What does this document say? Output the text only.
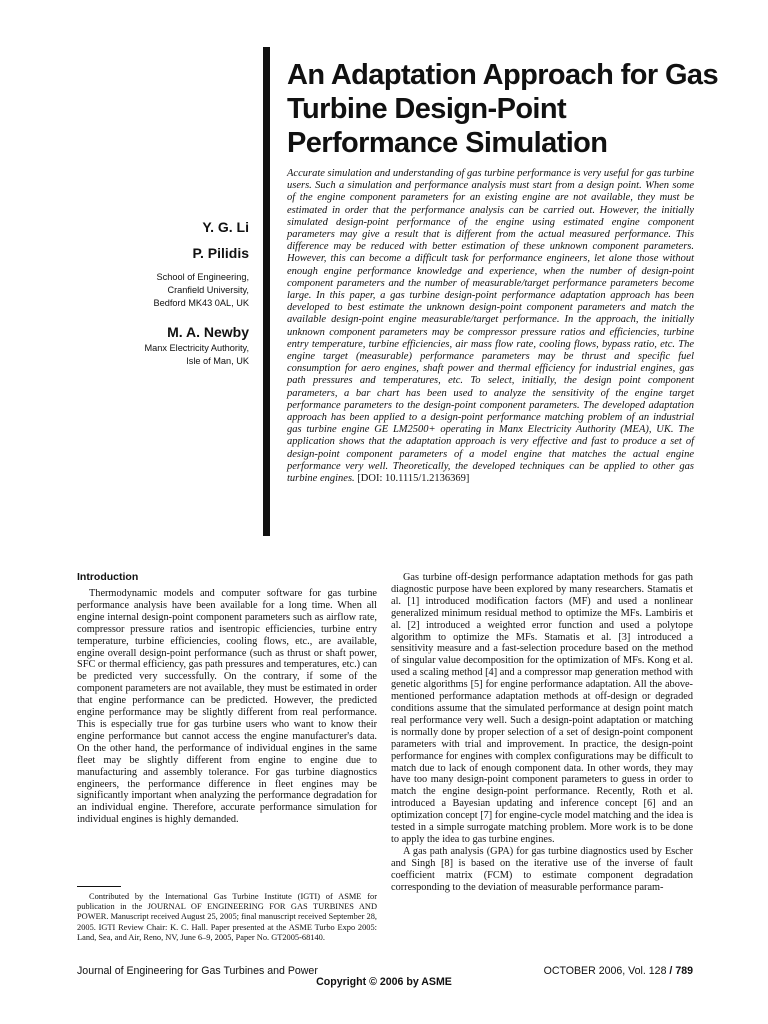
An Adaptation Approach for Gas
Turbine Design-Point
Performance Simulation

Y. G. Li

P. Pilidis

School of Engineering,
Cranfield University,
Bedford MK43 0AL, UK

M. A. Newby

Manx Electricity Authority,
Isle of Man, UK

Accurate simulation and understanding of gas turbine performance is very useful for gas turbine users. Such a simulation and performance analysis must start from a design point. When some of the engine component parameters for an existing engine are not available, they must be estimated in order that the performance analysis can be carried out. However, the initially simulated design-point performance of the engine using estimated engine component parameters may give a result that is different from the actual measured performance. This difference may be reduced with better estimation of these unknown component parameters. However, this can become a difficult task for performance engineers, let alone those without enough engine performance knowledge and experience, when the number of design-point component parameters and the number of measurable/target performance parameters become large. In this paper, a gas turbine design-point performance adaptation approach has been developed to best estimate the unknown design-point component parameters and match the available design-point engine measurable/target performance. In the approach, the initially unknown component parameters may be compressor pressure ratios and efficiencies, turbine entry temperature, turbine efficiencies, air mass flow rate, cooling flows, bypass ratio, etc. The engine target (measurable) performance parameters may be thrust and specific fuel consumption for aero engines, shaft power and thermal efficiency for industrial engines, gas path pressures and temperatures, etc. To select, initially, the design point component parameters, a bar chart has been used to analyze the sensitivity of the engine target performance parameters to the design-point component parameters. The developed adaptation approach has been applied to a design-point performance matching problem of an industrial gas turbine engine GE LM2500+ operating in Manx Electricity Authority (MEA), UK. The application shows that the adaptation approach is very effective and fast to produce a set of design-point component parameters of a model engine that matches the actual engine performance very well. Theoretically, the developed techniques can be applied to other gas turbine engines. [DOI: 10.1115/1.2136369]
Introduction

Thermodynamic models and computer software for gas turbine performance analysis have been available for a long time. When all engine internal design-point component parameters such as airflow rate, compressor pressure ratios and isentropic efficiencies, turbine entry temperature, turbine efficiencies, cooling flows, etc., are available, engine overall design-point performance (such as thrust or shaft power, SFC or thermal efficiency, gas path pressures and temperatures, etc.) can be predicted very successfully. On the contrary, if some of the component parameters are not available, they must be estimated in order that engine performance can be predicted. However, the predicted engine performance may be slightly different from real performance. This is especially true for gas turbine users who want to know their engine performance but cannot access the engine manufacturer's data. On the other hand, the performance of individual engines in the same fleet may be slightly different from engine to engine due to manufacturing and assembly tolerance. For gas turbine diagnostics engineers, the performance difference in fleet engines may be significantly important when analyzing the performance degradation for an individual engine. Therefore, accurate performance simulation for individual engines is highly demanded.

Gas turbine off-design performance adaptation methods for gas path diagnostic purpose have been explored by many researchers. Stamatis et al. [1] introduced modification factors (MF) and used a nonlinear generalized minimum residual method to optimize the MFs. Lambiris et al. [2] introduced a weighted error function and used a polytope algorithm to optimize the MFs. Stamatis et al. [3] introduced a sensitivity measure and a fast-selection procedure based on the method of singular value decomposition for the optimization of MFs. Kong et al. used a scaling method [4] and a compressor map generation method with genetic algorithms [5] for engine performance adaptation. All the above-mentioned performance adaptation methods at off-design or degraded conditions assume that the simulated performance at design point match real performance very well. Such a design-point adaptation or matching is normally done by proper selection of a set of design-point component parameters with trial and improvement. In practice, the design-point performance for engines with complex configurations may be difficult to match due to lack of enough component data. In other words, they may have too many design-point component parameters to guess in order to match the engine design-point performance. Recently, Roth et al. introduced a Bayesian updating and inference concept [6] and an optimization concept [7] for engine-cycle model matching and the idea is tested in a simple surrogate matching problem. More work is to be done to apply the idea to gas turbine engines.

A gas path analysis (GPA) for gas turbine diagnostics used by Escher and Singh [8] is based on the iterative use of the inverse of fault coefficient matrix (FCM) to estimate component degradation corresponding to the deviation of measurable performance param-

Contributed by the International Gas Turbine Institute (IGTI) of ASME for publication in the JOURNAL OF ENGINEERING FOR GAS TURBINES AND POWER. Manuscript received August 25, 2005; final manuscript received September 28, 2005. IGTI Review Chair: K. C. Hall. Paper presented at the ASME Turbo Expo 2005: Land, Sea, and Air, Reno, NV, June 6–9, 2005, Paper No. GT2005-68140.
Journal of Engineering for Gas Turbines and Power	OCTOBER 2006, Vol. 128 / 789
Copyright © 2006 by ASME
